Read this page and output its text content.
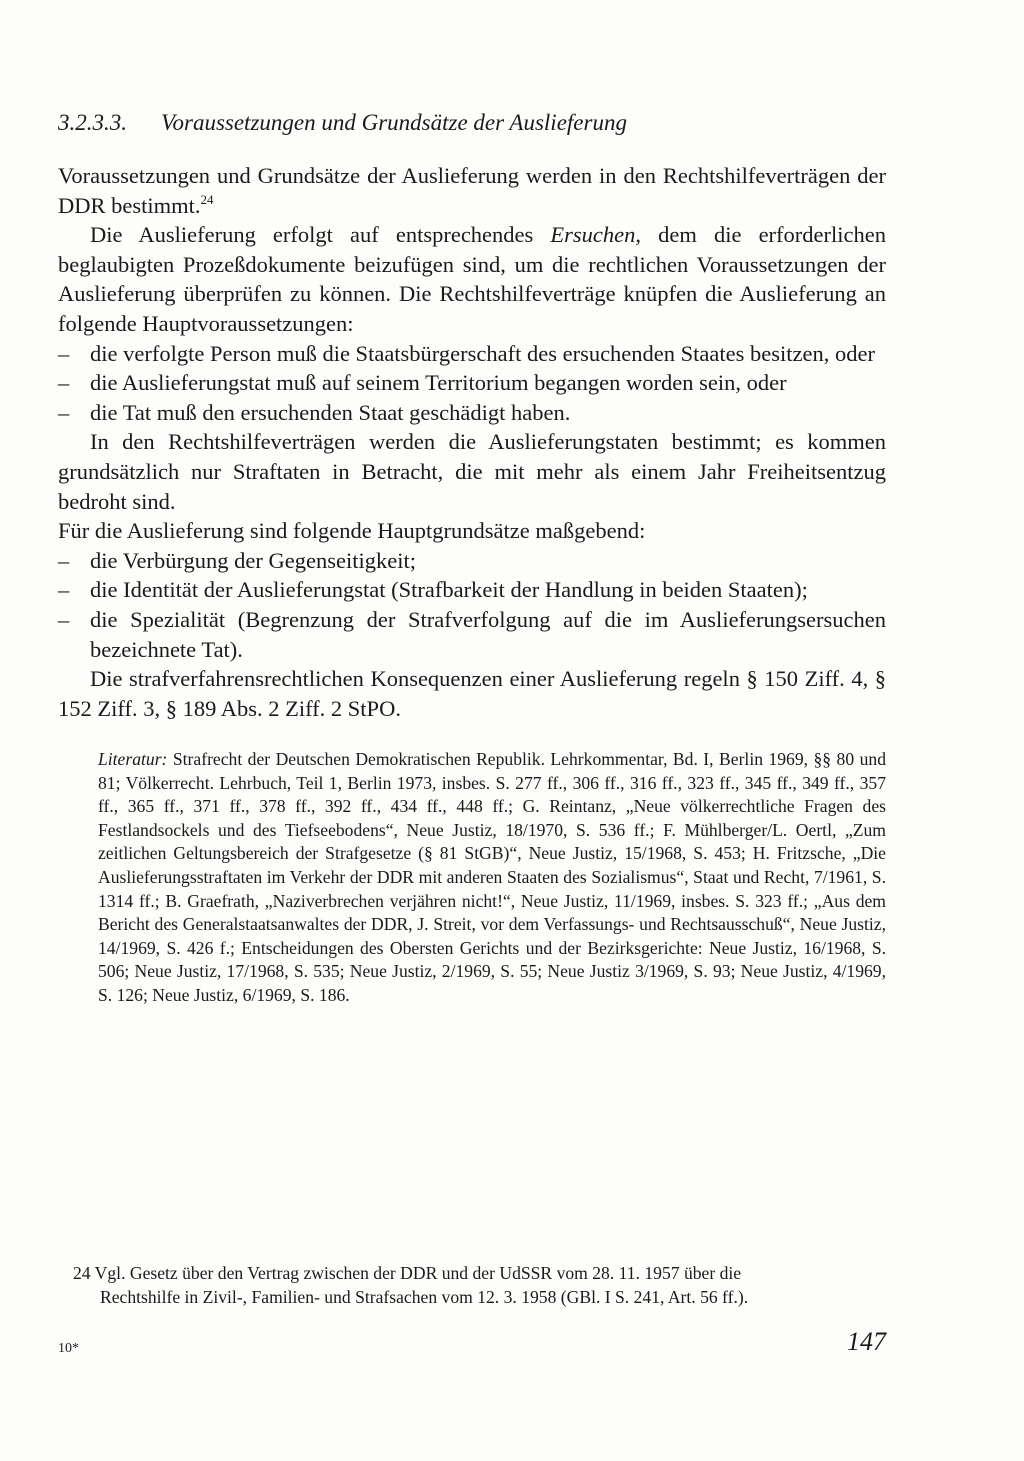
3.2.3.3. Voraussetzungen und Grundsätze der Auslieferung

Voraussetzungen und Grundsätze der Auslieferung werden in den Rechtshilfeverträgen der DDR bestimmt.$^{24}$

Die Auslieferung erfolgt auf entsprechendes Ersuchen, dem die erforderlichen beglaubigten Prozeßdokumente beizufügen sind, um die rechtlichen Voraussetzungen der Auslieferung überprüfen zu können. Die Rechtshilfeverträge knüpfen die Auslieferung an folgende Hauptvoraussetzungen:

– die verfolgte Person muß die Staatsbürgerschaft des ersuchenden Staates besitzen, oder
– die Auslieferungstat muß auf seinem Territorium begangen worden sein, oder
– die Tat muß den ersuchenden Staat geschädigt haben.

In den Rechtshilfeverträgen werden die Auslieferungstaten bestimmt; es kommen grundsätzlich nur Straftaten in Betracht, die mit mehr als einem Jahr Freiheitsentzug bedroht sind.

Für die Auslieferung sind folgende Hauptgrundsätze maßgebend:

– die Verbürgung der Gegenseitigkeit;
– die Identität der Auslieferungstat (Strafbarkeit der Handlung in beiden Staaten);
– die Spezialität (Begrenzung der Strafverfolgung auf die im Auslieferungsersuchen bezeichnete Tat).

Die strafverfahrensrechtlichen Konsequenzen einer Auslieferung regeln § 150 Ziff. 4, § 152 Ziff. 3, § 189 Abs. 2 Ziff. 2 StPO.

Literatur: Strafrecht der Deutschen Demokratischen Republik. Lehrkommentar, Bd. I, Berlin 1969, §§ 80 und 81; Völkerrecht. Lehrbuch, Teil 1, Berlin 1973, insbes. S. 277 ff., 306 ff., 316 ff., 323 ff., 345 ff., 349 ff., 357 ff., 365 ff., 371 ff., 378 ff., 392 ff., 434 ff., 448 ff.; G. Reintanz, „Neue völkerrechtliche Fragen des Festlandsockels und des Tiefseebodens“, Neue Justiz, 18/1970, S. 536 ff.; F. Mühlberger/L. Oertl, „Zum zeitlichen Geltungsbereich der Strafgesetze (§ 81 StGB)“, Neue Justiz, 15/1968, S. 453; H. Fritzsche, „Die Auslieferungsstraftaten im Verkehr der DDR mit anderen Staaten des Sozialismus“, Staat und Recht, 7/1961, S. 1314 ff.; B. Graefrath, „Naziverbrechen verjähren nicht!“, Neue Justiz, 11/1969, insbes. S. 323 ff.; „Aus dem Bericht des Generalstaatsanwaltes der DDR, J. Streit, vor dem Verfassungs- und Rechtsausschuß“, Neue Justiz, 14/1969, S. 426 f.; Entscheidungen des Obersten Gerichts und der Bezirksgerichte: Neue Justiz, 16/1968, S. 506; Neue Justiz, 17/1968, S. 535; Neue Justiz, 2/1969, S. 55; Neue Justiz 3/1969, S. 93; Neue Justiz, 4/1969, S. 126; Neue Justiz, 6/1969, S. 186.
24 Vgl. Gesetz über den Vertrag zwischen der DDR und der UdSSR vom 28. 11. 1957 über die
Rechtshilfe in Zivil-, Familien- und Strafsachen vom 12. 3. 1958 (GBl. I S. 241, Art. 56 ff.).
10*	147
